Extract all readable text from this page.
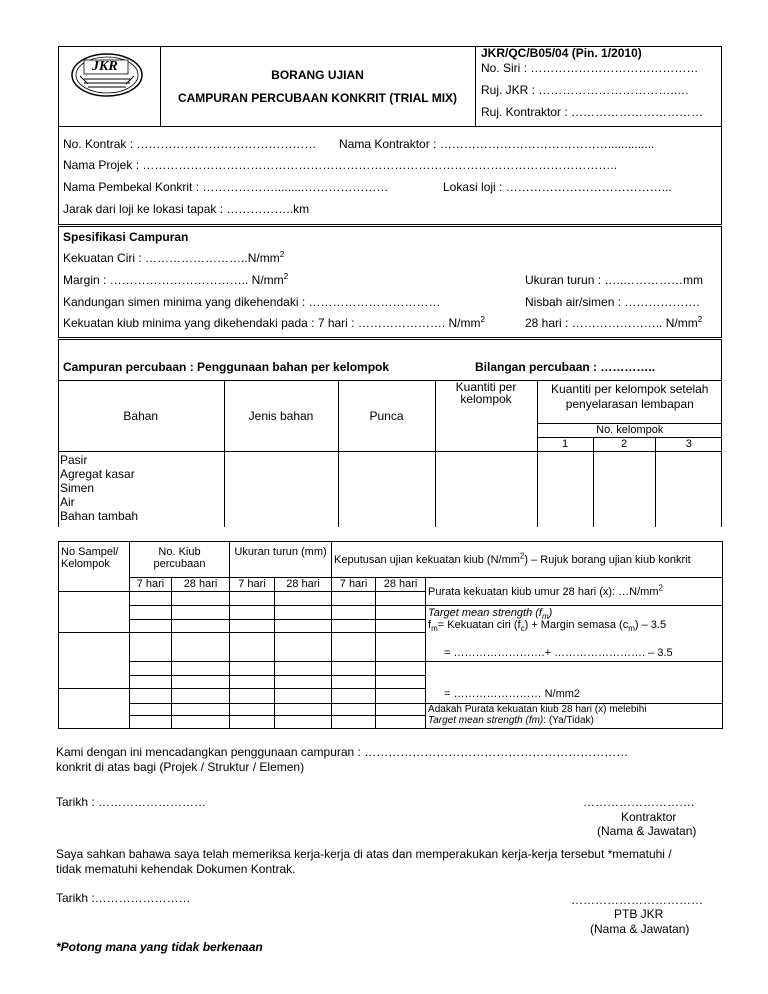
JKR
BORANG UJIAN
CAMPURAN PERCUBAAN KONKRIT (TRIAL MIX)
JKR/QC/B05/04 (Pin. 1/2010)
No. Siri : ……………………………………
Ruj. JKR : ……………………………..…
Ruj. Kontraktor : ……………………………
No. Kontrak : ……………………………………… Nama Kontraktor : ……………………………………..............
Nama Projek : ………………………………………………………………………………………………………..
Nama Pembekal Konkrit : ……………….........…………………	Lokasi loji : …………………………………...
Jarak dari loji ke lokasi tapak : ……………..km
Spesifikasi Campuran
Kekuatan Ciri : $\dots\dots\dots\dots\dots\dots\dots\dots..N/mm^2$
Margin : …………………………….. $N/mm^2$	Ukuran turun : …..……………mm
Kandungan simen minima yang dikehendaki : ……………………………	Nisbah air/simen : ……………….
Kekuatan kiub minima yang dikehendaki pada : 7 hari : …………………. $N/mm^2$	28 hari : ………………….. $N/mm^2$
Campuran percubaan : Penggunaan bahan per kelompok	Bilangan percubaan : …………..
Bahan	Jenis bahan	Punca	Kuantiti per kelompok	Kuantiti per kelompok setelah penyelarasan lembapan		
				No. kelompok		
				1	2	3

Pasir
Agregat kasar
Simen
Air
Bahan tambah						

No Sampel/ Kelompok	No. Kiub percubaan		Ukuran turun (mm)		Keputusan ujian kekuatan kiub $(N/mm^2)$ – Rujuk borang ujian kiub konkrit		
	7 hari	28 hari	7 hari	28 hari	7 hari	28 hari	Purata kekuatan kiub umur 28 hari (x): $\dots N/mm^2$

							Target mean strength $(f_m)$
$f_m=$ Kekuatan ciri $(f_c)$ + Margin semasa $(c_m) - 3.5$
= …………………….+ ……………………. – 3.5

							= …………………… N/mm2

							Adakah Purata kekuatan kiub 28 hari (x) melebihi
Target mean strength (fm): (Ya/Tidak)

Kami dengan ini mencadangkan penggunaan campuran : …………………………………………………………
konkrit di atas bagi (Projek / Struktur / Elemen)
Tarikh : ………………………	……………………….
Kontraktor
(Nama & Jawatan)
Saya sahkan bahawa saya telah memeriksa kerja-kerja di atas dan memperakukan kerja-kerja tersebut *mematuhi /
tidak mematuhi kehendak Dokumen Kontrak.
Tarikh :……………………	……………………………
PTB JKR
(Nama & Jawatan)
*Potong mana yang tidak berkenaan
